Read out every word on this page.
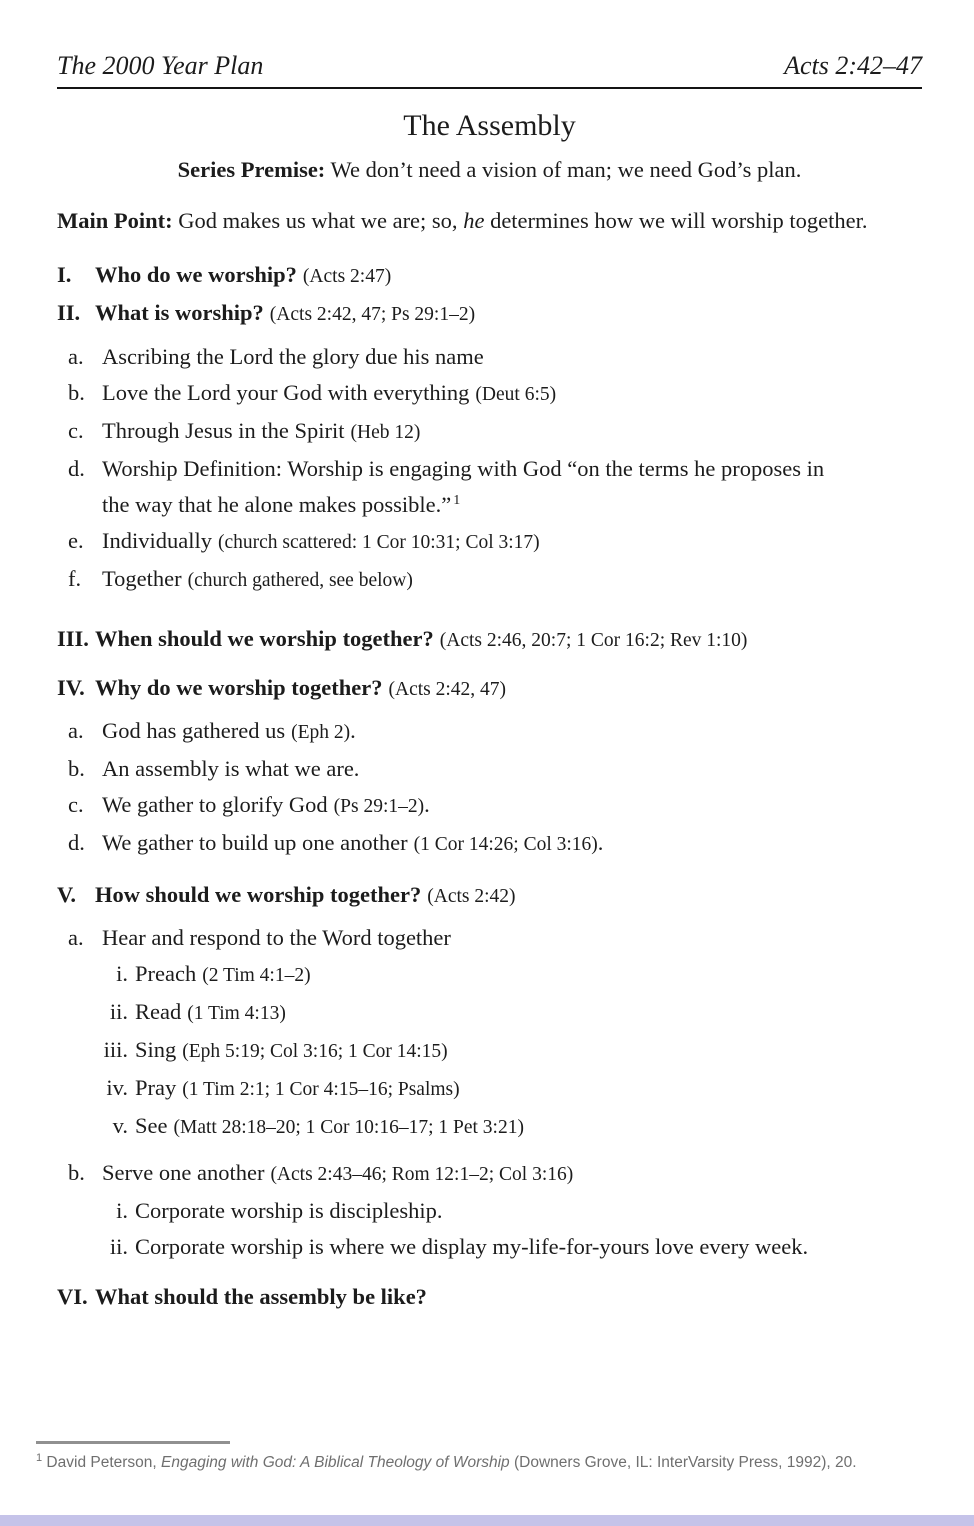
The 2000 Year Plan	Acts 2:42–47
The Assembly
Series Premise: We don’t need a vision of man; we need God’s plan.
Main Point: God makes us what we are; so, he determines how we will worship together.
I.	Who do we worship? (Acts 2:47)
II. What is worship? (Acts 2:42, 47; Ps 29:1–2)
a. Ascribing the Lord the glory due his name
b. Love the Lord your God with everything (Deut 6:5)
c. Through Jesus in the Spirit (Heb 12)
d. Worship Definition: Worship is engaging with God “on the terms he proposes in the way that he alone makes possible.” $^1$
e. Individually (church scattered: 1 Cor 10:31; Col 3:17)
f. Together (church gathered, see below)
III. When should we worship together? (Acts 2:46, 20:7; 1 Cor 16:2; Rev 1:10)
IV. Why do we worship together? (Acts 2:42, 47)
a. God has gathered us (Eph 2).
b. An assembly is what we are.
c. We gather to glorify God (Ps 29:1–2).
d. We gather to build up one another (1 Cor 14:26; Col 3:16).
V. How should we worship together? (Acts 2:42)
a. Hear and respond to the Word together
i. Preach (2 Tim 4:1–2)
ii. Read (1 Tim 4:13)
iii. Sing (Eph 5:19; Col 3:16; 1 Cor 14:15)
iv. Pray (1 Tim 2:1; 1 Cor 4:15–16; Psalms)
v. See (Matt 28:18–20; 1 Cor 10:16–17; 1 Pet 3:21)
b. Serve one another (Acts 2:43–46; Rom 12:1–2; Col 3:16)
i. Corporate worship is discipleship.
ii. Corporate worship is where we display my-life-for-yours love every week.
VI. What should the assembly be like?
$^1$ David Peterson, Engaging with God: A Biblical Theology of Worship (Downers Grove, IL: InterVarsity Press, 1992), 20.
